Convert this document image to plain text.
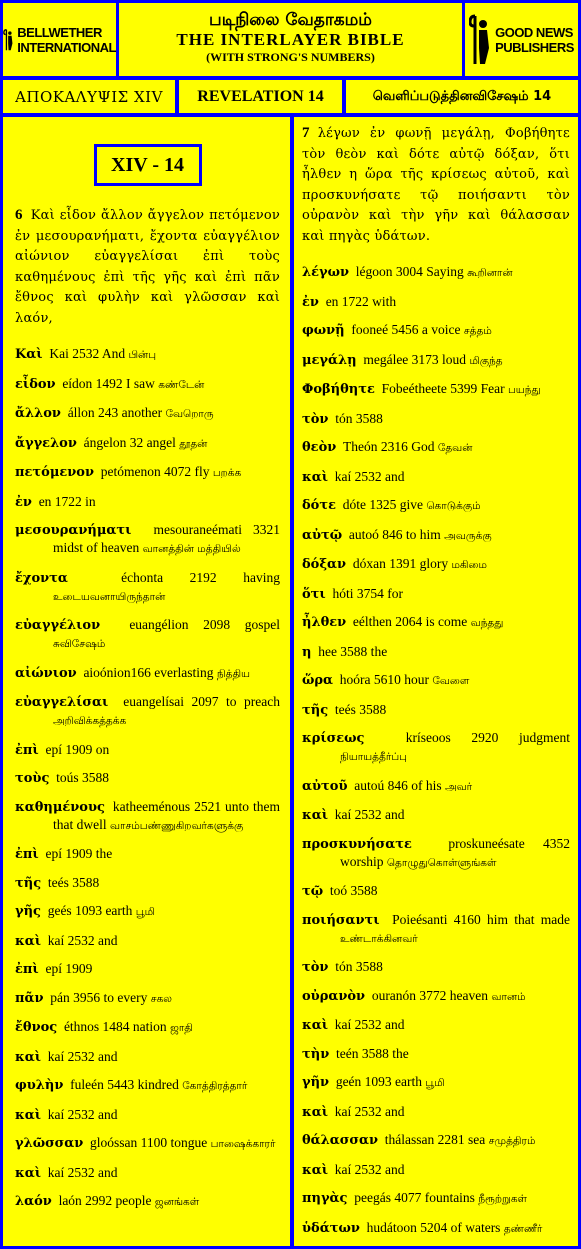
BELLWETHER
INTERNATIONAL
படிநிலை வேதாகமம்
THE INTERLAYER BIBLE
(WITH STRONG'S NUMBERS)
GOOD NEWS
PUBLISHERS
ΑΠΟΚΑΛΥΨΙΣ XIV	REVELATION 14	வெளிப்படுத்தினவிசேஷம் 14
XIV - 14
6 Καὶ εἶδον ἄλλον ἄγγελον πετόμενον ἐν μεσουρανήματι, ἔχοντα εὐαγγέλιον αἰώνιον εὐαγγελίσαι ἐπὶ τοὺς καθημένους ἐπὶ τῆς γῆς καὶ ἐπὶ πᾶν ἔθνος καὶ φυλὴν καὶ γλῶσσαν καὶ λαόν,
Καὶ Kai 2532 And பின்பு
εἶδον eídon 1492 I saw கண்டேன்
ἄλλον állon 243 another வேறொரு
ἄγγελον ángelon 32 angel தூதன்
πετόμενον petómenon 4072 fly பறக்க
ἐν en 1722 in
μεσουρανήματι mesouraneémati 3321 midst of heaven வானத்தின் மத்தியில்
ἔχοντα	échonta 2192 having உடையவனாயிருந்தான்
εὐαγγέλιον euangélion 2098 gospel சுவிசேஷம்
αἰώνιον aioónion166 everlasting நித்திய
εὐαγγελίσαι euangelísai 2097 to preach அறிவிக்கத்தக்க
ἐπὶ epí 1909 on
τοὺς toús 3588
καθημένους katheeménous 2521 unto them that dwell வாசம்பண்ணுகிறவர்களுக்கு
ἐπὶ epí 1909 the
τῆς teés 3588
γῆς geés 1093 earth பூமி
καὶ kaí 2532 and
ἐπὶ epí 1909
πᾶν pán 3956 to every சகல
ἔθνος éthnos 1484 nation ஜாதி
καὶ kaí 2532 and
φυλὴν fuleén 5443 kindred கோத்திரத்தார்
καὶ kaí 2532 and
γλῶσσαν gloóssan 1100 tongue பாஷைக்காரர்
καὶ kaí 2532 and
λαόν laón 2992 people ஜனங்கள்
7 λέγων ἐν φωνῇ μεγάλῃ, Φοβήθητε τὸν θεὸν καὶ δότε αὐτῷ δόξαν, ὅτι ἦλθεν η ὥρα τῆς κρίσεως αὐτοῦ, καὶ προσκυνήσατε τῷ ποιήσαντι τὸν οὐρανὸν καὶ τὴν γῆν καὶ θάλασσαν καὶ πηγὰς ὑδάτων.
λέγων légoon 3004 Saying கூறினான்
ἐν en 1722 with
φωνῇ fooneé 5456 a voice சத்தம்
μεγάλῃ megálee 3173 loud மிகுந்த
Φοβήθητε Fobeétheete 5399 Fear பயந்து
τὸν tón 3588
θεὸν Theón 2316 God தேவன்
καὶ kaí 2532 and
δότε dóte 1325 give கொடுக்கும்
αὐτῷ autoó 846 to him அவருக்கு
δόξαν dóxan 1391 glory மகிமை
ὅτι hóti 3754 for
ἦλθεν eélthen 2064 is come வந்தது
η hee 3588 the
ὥρα hoóra 5610 hour வேளை
τῆς teés 3588
κρίσεως	kríseoos 2920 judgment நியாயத்தீர்ப்பு
αὐτοῦ autoú 846 of his அவர்
καὶ kaí 2532 and
προσκυνήσατε	proskuneésate 4352 worship தொழுதுகொள்ளுங்கள்
τῷ toó 3588
ποιήσαντι Poieésanti 4160 him that made உண்டாக்கினவர்
τὸν tón 3588
οὐρανὸν ouranón 3772 heaven வானம்
καὶ kaí 2532 and
τὴν teén 3588 the
γῆν geén 1093 earth பூமி
καὶ kaí 2532 and
θάλασσαν thálassan 2281 sea சமுத்திரம்
καὶ kaí 2532 and
πηγὰς peegás 4077 fountains நீரூற்றுகள்
ὑδάτων hudátoon 5204 of waters தண்ணீர்
